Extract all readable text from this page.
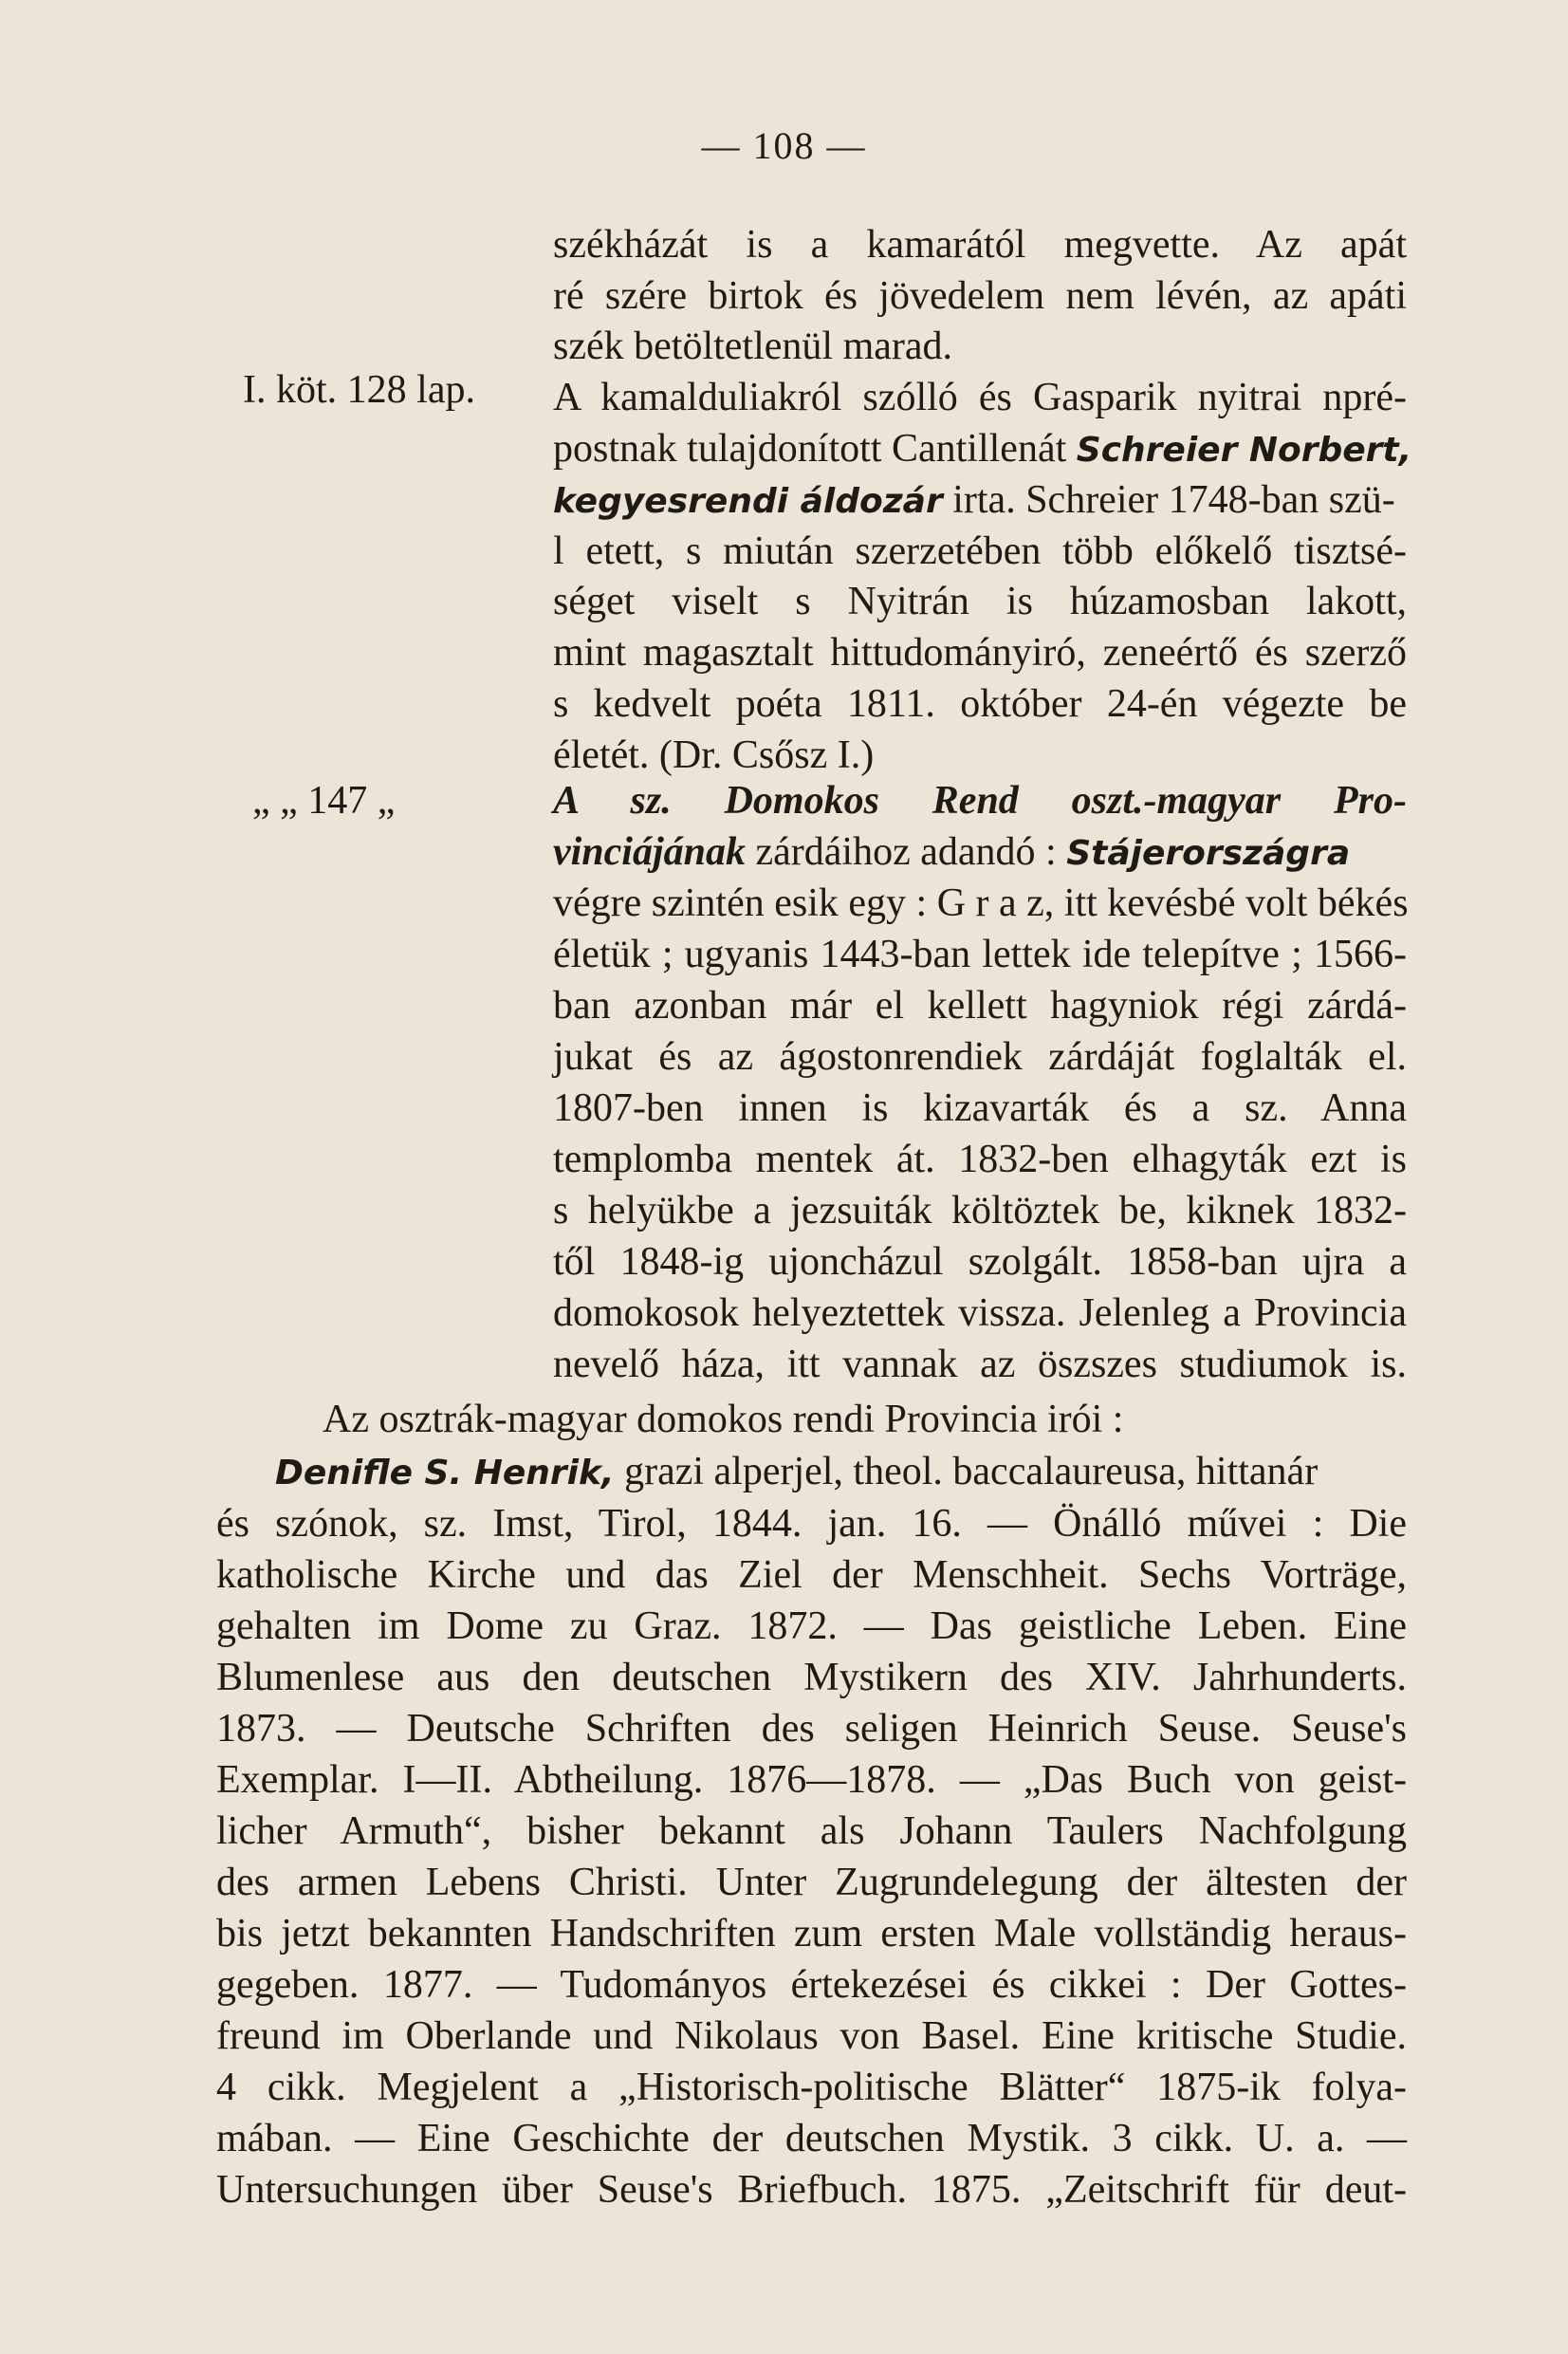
— 108 —
I. köt. 128 lap.
„ „ 147 „
székházát is a kamarától megvette. Az apát
ré szére birtok és jövedelem nem lévén, az apáti
szék betöltetlenül marad.
A kamalduliakról szólló és Gasparik nyitrai npré-
postnak tulajdonított Cantillenát Schreier Norbert,
kegyesrendi áldozár irta. Schreier 1748-ban szü-
l etett, s miután szerzetében több előkelő tisztsé-
séget viselt s Nyitrán is húzamosban lakott,
mint magasztalt hittudományiró, zeneértő és szerző
s kedvelt poéta 1811. október 24-én végezte be
életét. (Dr. Csősz I.)
A sz. Domokos Rend oszt.-magyar Pro-
vinciájának zárdáihoz adandó : Stájerországra
végre szintén esik egy : G r a z, itt kevésbé volt békés
életük ; ugyanis 1443-ban lettek ide telepítve ; 1566-
ban azonban már el kellett hagyniok régi zárdá-
jukat és az ágostonrendiek zárdáját foglalták el.
1807-ben innen is kizavarták és a sz. Anna
templomba mentek át. 1832-ben elhagyták ezt is
s helyükbe a jezsuiták költöztek be, kiknek 1832-
től 1848-ig ujoncházul szolgált. 1858-ban ujra a
domokosok helyeztettek vissza. Jelenleg a Provincia
nevelő háza, itt vannak az öszszes studiumok is.
Az osztrák-magyar domokos rendi Provincia irói :
Denifle S. Henrik, grazi alperjel, theol. baccalaureusa, hittanár
és szónok, sz. Imst, Tirol, 1844. jan. 16. — Önálló művei : Die
katholische Kirche und das Ziel der Menschheit. Sechs Vorträge,
gehalten im Dome zu Graz. 1872. — Das geistliche Leben. Eine
Blumenlese aus den deutschen Mystikern des XIV. Jahrhunderts.
1873. — Deutsche Schriften des seligen Heinrich Seuse. Seuse's
Exemplar. I—II. Abtheilung. 1876—1878. — „Das Buch von geist-
licher Armuth“, bisher bekannt als Johann Taulers Nachfolgung
des armen Lebens Christi. Unter Zugrundelegung der ältesten der
bis jetzt bekannten Handschriften zum ersten Male vollständig heraus-
gegeben. 1877. — Tudományos értekezései és cikkei : Der Gottes-
freund im Oberlande und Nikolaus von Basel. Eine kritische Studie.
4 cikk. Megjelent a „Historisch-politische Blätter“ 1875-ik folya-
mában. — Eine Geschichte der deutschen Mystik. 3 cikk. U. a. —
Untersuchungen über Seuse's Briefbuch. 1875. „Zeitschrift für deut-
